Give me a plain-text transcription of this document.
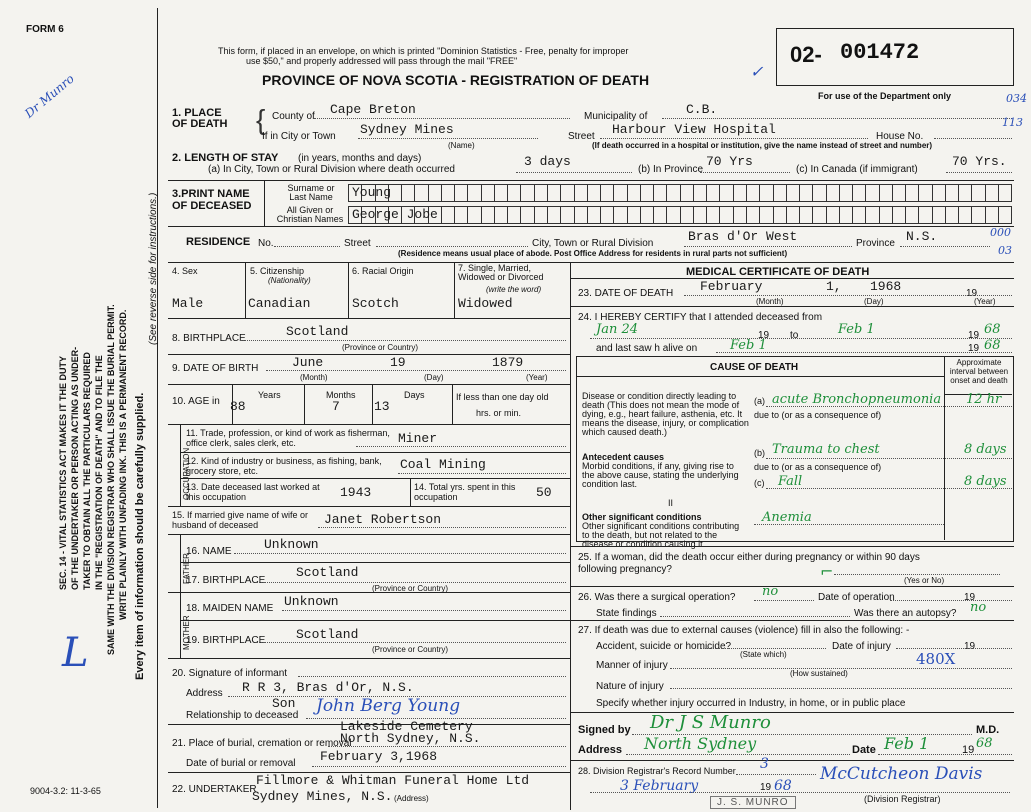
FORM 6
Dr Munro
This form, if placed in an envelope, on which is printed "Dominion Statistics - Free, penalty for improper
use $50," and properly addressed will pass through the mail "FREE"
PROVINCE OF NOVA SCOTIA - REGISTRATION OF DEATH
02- 001472
For use of the Department only
✓
SEC. 14 - VITAL STATISTICS ACT MAKES IT THE DUTY OF THE UNDERTAKER OR PERSON ACTING AS UNDER- TAKER TO OBTAIN ALL THE PARTICULARS REQUIRED IN THE "REGISTRATION OF DEATH" AND TO FILE THE SAME WITH THE DIVISION REGISTRAR WHO SHALL ISSUE THE BURIAL PERMIT. WRITE PLAINLY WITH UNFADING INK. THIS IS A PERMANENT RECORD. Every item of information should be carefully supplied.
(See reverse side for instructions.)
L
1. PLACE OF DEATH { County of Cape Breton	Municipality of	C.B.
034
If in City or Town Sydney Mines
(Name)
Street Harbour View Hospital	House No.
113
(If death occurred in a hospital or institution, give the name instead of street and number)
2. LENGTH OF STAY (in years, months and days)
(a) In City, Town or Rural Division where death occurred
3 days
(b) In Province
70 Yrs
(c) In Canada (if immigrant)
70 Yrs.
3.PRINT NAME OF DECEASED
Surname or Last Name
All Given or Christian Names
Young
George Jobe
RESIDENCE No.	Street	City, Town or Rural Division	Bras d'Or West	Province N.S.	000
03
(Residence means usual place of abode. Post Office Address for residents in rural parts not sufficient)
4. Sex
Male
5. Citizenship
(Nationality)
Canadian
6. Racial Origin
Scotch
7. Single, Married, Widowed or Divorced
(write the word)
Widowed
8. BIRTHPLACE	Scotland
(Province or Country)
9. DATE OF BIRTH	June	19	1879
(Month)	(Day)	(Year)
10. AGE in
Years	Months	Days
88	7	13
If less than one day old
hrs. or min.
OCCUPATION
11. Trade, profession, or kind of work as fisherman, office clerk, sales clerk, etc.	Miner
12. Kind of industry or business, as fishing, bank, grocery store, etc.	Coal Mining
13. Date deceased last worked at this occupation	1943	14. Total yrs. spent in this occupation	50
15. If married give name of wife or husband of deceased	Janet Robertson
FATHER
16. NAME Unknown
17. BIRTHPLACE
Scotland
(Province or Country)
MOTHER
18. MAIDEN NAME Unknown
19. BIRTHPLACE Scotland
(Province or Country)
20. Signature of informant
Address R R 3, Bras d'Or, N.S.
Son
Relationship to deceased John Berg Young
Lakeside Cemetery
21. Place of burial, cremation or removal
North Sydney, N.S.
Date of burial or removal February 3,1968
22. UNDERTAKER
Fillmore & Whitman Funeral Home Ltd
Sydney Mines, N.S. (Address)
9004-3.2: 11-3-65
MEDICAL CERTIFICATE OF DEATH
23. DATE OF DEATH February	1, 1968	19
(Month)	(Day)	(Year)
24. I HEREBY CERTIFY that I attended deceased from
Jan 24	19 to	Feb 1	19 68
and last saw h alive on	Feb 1	19 68
CAUSE OF DEATH	Approximate interval between onset and death
Disease or condition directly leading to death (This does not mean the mode of dying, e.g., heart failure, asthenia, etc. It means the disease, injury, or complication which caused death.)
(a) acute Bronchopneumonia 12 hr
due to (or as a consequence of)
Antecedent causes
Morbid conditions, if any, giving rise to the above cause, stating the underlying condition last.
(b) Trauma to chest	8 days
due to (or as a consequence of)
(c) Fall	8 days
II
Other significant conditions
Other significant conditions contributing to the death, but not related to the disease or condition causing it.
Anemia
25. If a woman, did the death occur either during pregnancy or within 90 days following pregnancy?
(Yes or No)
⌐
26. Was there a surgical operation? no	Date of operation	19
State findings	Was there an autopsy? no
27. If death was due to external causes (violence) fill in also the following: -
Accident, suicide or homicide?
(State which)
Date of injury	19
Manner of injury	480X
(How sustained)
Nature of injury
Specify whether injury occurred in Industry, in home, or in public place
Signed by Dr J S Munro	M.D.
Address North Sydney	Date Feb 1	19 68
28. Division Registrar's Record Number 3
3 February	19 68
McCutcheon Davis
(Division Registrar)
J. S. MUNRO
